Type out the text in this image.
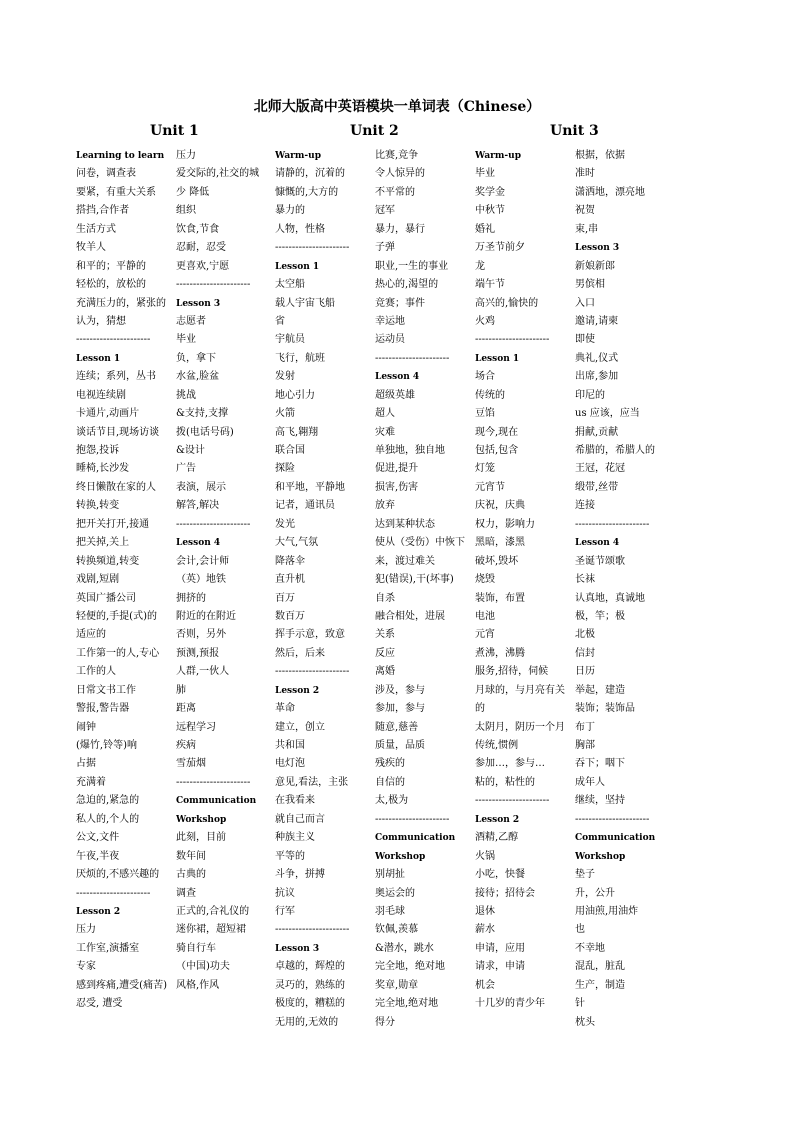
北师大版高中英语模块一单词表（Chinese）
Unit 1	Unit 2	Unit 3
Learning to learn
问卷，调查表
要紧，有重大关系
搭挡,合作者
生活方式
牧羊人
和平的；平静的
轻松的，放松的
充满压力的，紧张的
认为，猜想
----------------------
Lesson 1
连续；系列，丛书
电视连续剧
卡通片,动画片
谈话节目,现场访谈
抱怨,投诉
睡椅,长沙发
终日懒散在家的人
转换,转变
把开关打开,接通
把关掉,关上
转换频道,转变
戏剧,短剧
英国广播公司
轻便的,手提(式)的
适应的
工作第一的人,专心
工作的人
日常文书工作
警报,警告器
闹钟
(爆竹,铃等)响
占据
充满着
急迫的,紧急的
私人的,个人的
公文,文件
午夜,半夜
厌烦的,不感兴趣的
----------------------
Lesson 2
压力
工作室,演播室
专家
感到疼痛,遭受(痛苦)
忍受, 遭受
压力
爱交际的,社交的城
少 降低
组织
饮食,节食
忍耐，忍受
更喜欢,宁愿
----------------------
Lesson 3
志愿者
毕业
负，拿下
水盆,脸盆
挑战
&支持,支撑
拨(电话号码)
&设计
广告
表演，展示
解答,解决
----------------------
Lesson 4
会计,会计师
（英）地铁
拥挤的
附近的在附近
否则，另外
预测,预报
人群,一伙人
肺
距离
远程学习
疾病
雪茄烟
----------------------
Communication
Workshop
此刻，目前
数年间
古典的
调查
正式的,合礼仪的
迷你裙，超短裙
骑自行车
（中国)功夫
风格,作风
Warm-up
请静的，沉着的
慷慨的,大方的
暴力的
人物，性格
----------------------
Lesson 1
太空船
载人宇宙飞船
省
宇航员
飞行，航班
发射
地心引力
火箭
高飞,翱翔
联合国
探险
和平地，平静地
记者，通讯员
发光
大气,气氛
降落伞
直升机
百万
数百万
挥手示意，致意
然后，后来
----------------------
Lesson 2
革命
建立，创立
共和国
电灯泡
意见,看法，主张
在我看来
就自己而言
种族主义
平等的
斗争，拼搏
抗议
行军
----------------------
Lesson 3
卓越的，辉煌的
灵巧的，熟练的
极度的，糟糕的
无用的,无效的
比赛,竞争
令人惊异的
不平常的
冠军
暴力，暴行
子弹
职业,一生的事业
热心的,渴望的
竞赛；事件
幸运地
运动员
----------------------
Lesson 4
超级英雄
超人
灾难
单独地，独自地
促进,提升
损害,伤害
放弃
达到某种状态
使从（受伤）中恢下
来，渡过难关
犯(错误),干(坏事)
自杀
融合相处，进展
关系
反应
离婚
涉及，参与
参加，参与
随意,慈善
质量，品质
残疾的
自信的
太,极为
----------------------
Communication
Workshop
别胡扯
奥运会的
羽毛球
钦佩,羡慕
&潜水，跳水
完全地，绝对地
奖章,勋章
完全地,绝对地
得分
Warm-up
毕业
奖学金
中秋节
婚礼
万圣节前夕
龙
端午节
高兴的,愉快的
火鸡
----------------------
Lesson 1
场合
传统的
豆馅
现今,现在
包括,包含
灯笼
元宵节
庆祝，庆典
权力，影响力
黑暗，漆黑
破坏,毁坏
烧毁
装饰，布置
电池
元宵
煮沸，沸腾
服务,招待，伺候
月球的，与月亮有关
的
太阴月，阴历一个月
传统,惯例
参加…，参与…
粘的，粘性的
----------------------
Lesson 2
酒精,乙醇
火锅
小吃，快餐
接待；招待会
退休
薪水
申请，应用
请求，申请
机会
十几岁的青少年
根据，依据
准时
潇洒地，漂亮地
祝贺
束,串
Lesson 3
新娘新郎
男傧相
入口
邀请,请柬
即使
典礼,仪式
出席,参加
印尼的
us 应该，应当
捐献,贡献
希腊的，希腊人的
王冠，花冠
缎带,丝带
连接
----------------------
Lesson 4
圣诞节颂歌
长袜
认真地，真诚地
极，竿；极
北极
信封
日历
举起，建造
装饰；装饰品
布丁
胸部
吞下；咽下
成年人
继续，坚持
----------------------
Communication
Workshop
垫子
升，公升
用油煎,用油炸
也
不幸地
混乱，脏乱
生产，制造
针
枕头
